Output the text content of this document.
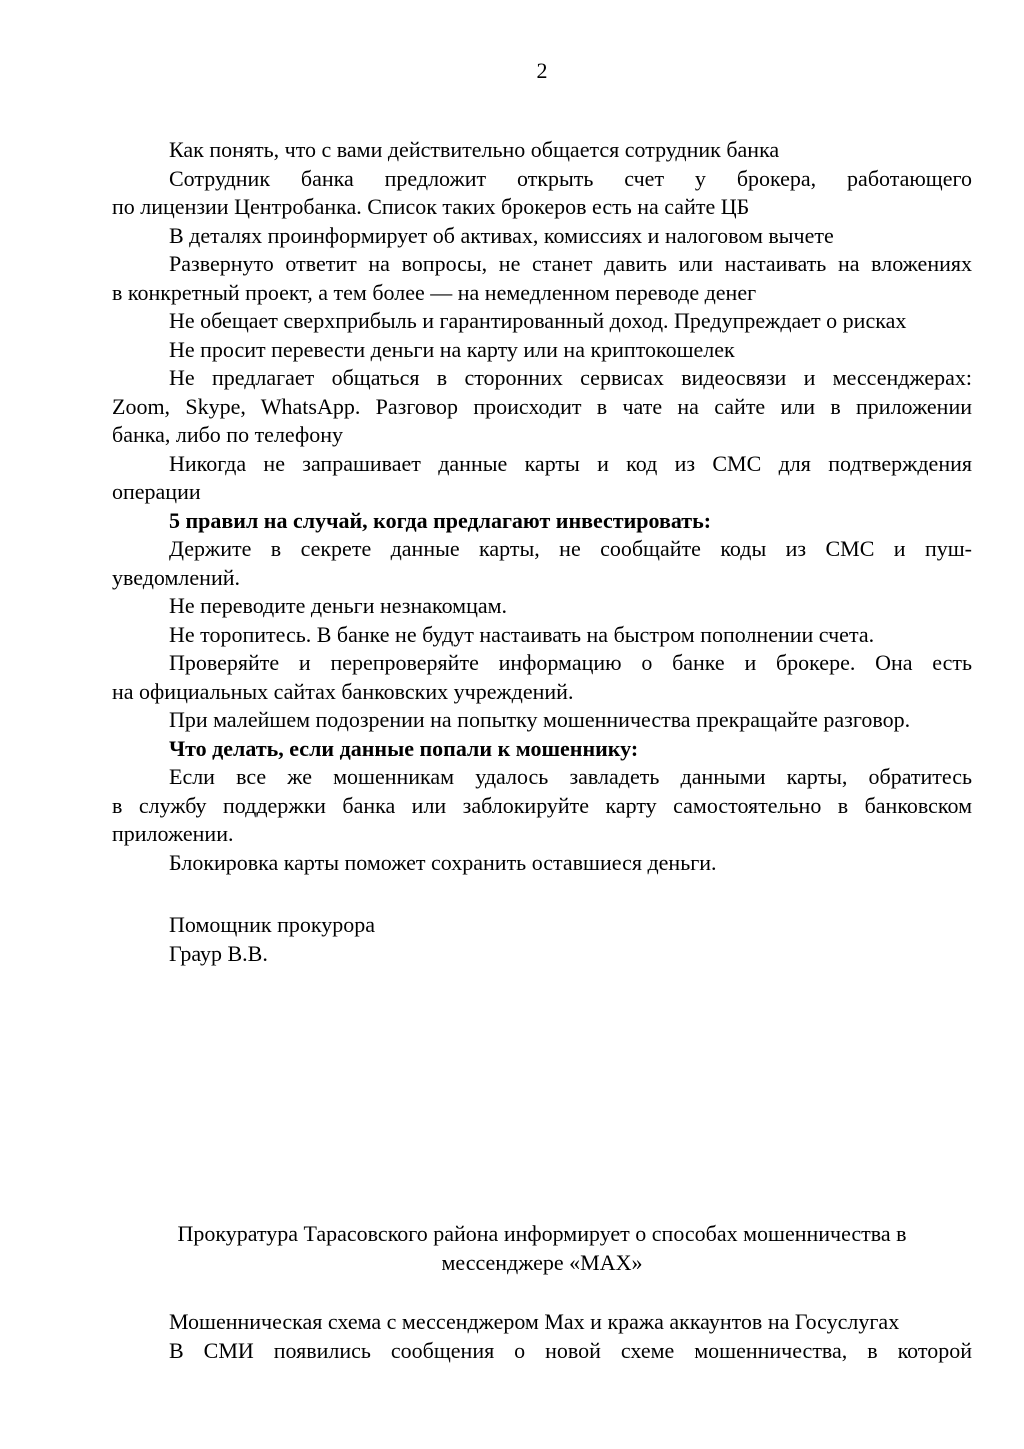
2
Как понять, что с вами действительно общается сотрудник банка
Сотрудник банка предложит открыть счет у брокера, работающего
по лицензии Центробанка. Список таких брокеров есть на сайте ЦБ
В деталях проинформирует об активах, комиссиях и налоговом вычете
Развернуто ответит на вопросы, не станет давить или настаивать на вложениях
в конкретный проект, а тем более — на немедленном переводе денег
Не обещает сверхприбыль и гарантированный доход. Предупреждает о рисках
Не просит перевести деньги на карту или на криптокошелек
Не предлагает общаться в сторонних сервисах видеосвязи и мессенджерах:
Zoom, Skype, WhatsApp. Разговор происходит в чате на сайте или в приложении
банка, либо по телефону
Никогда не запрашивает данные карты и код из СМС для подтверждения
операции
5 правил на случай, когда предлагают инвестировать:
Держите в секрете данные карты, не сообщайте коды из СМС и пуш-
уведомлений.
Не переводите деньги незнакомцам.
Не торопитесь. В банке не будут настаивать на быстром пополнении счета.
Проверяйте и перепроверяйте информацию о банке и брокере. Она есть
на официальных сайтах банковских учреждений.
При малейшем подозрении на попытку мошенничества прекращайте разговор.
Что делать, если данные попали к мошеннику:
Если все же мошенникам удалось завладеть данными карты, обратитесь
в службу поддержки банка или заблокируйте карту самостоятельно в банковском
приложении.
Блокировка карты поможет сохранить оставшиеся деньги.
Помощник прокурора
Граур В.В.
Прокуратура Тарасовского района информирует о способах мошенничества в
мессенджере «MAX»
Мошенническая схема с мессенджером Max и кража аккаунтов на Госуслугах
В СМИ появились сообщения о новой схеме мошенничества, в которой
